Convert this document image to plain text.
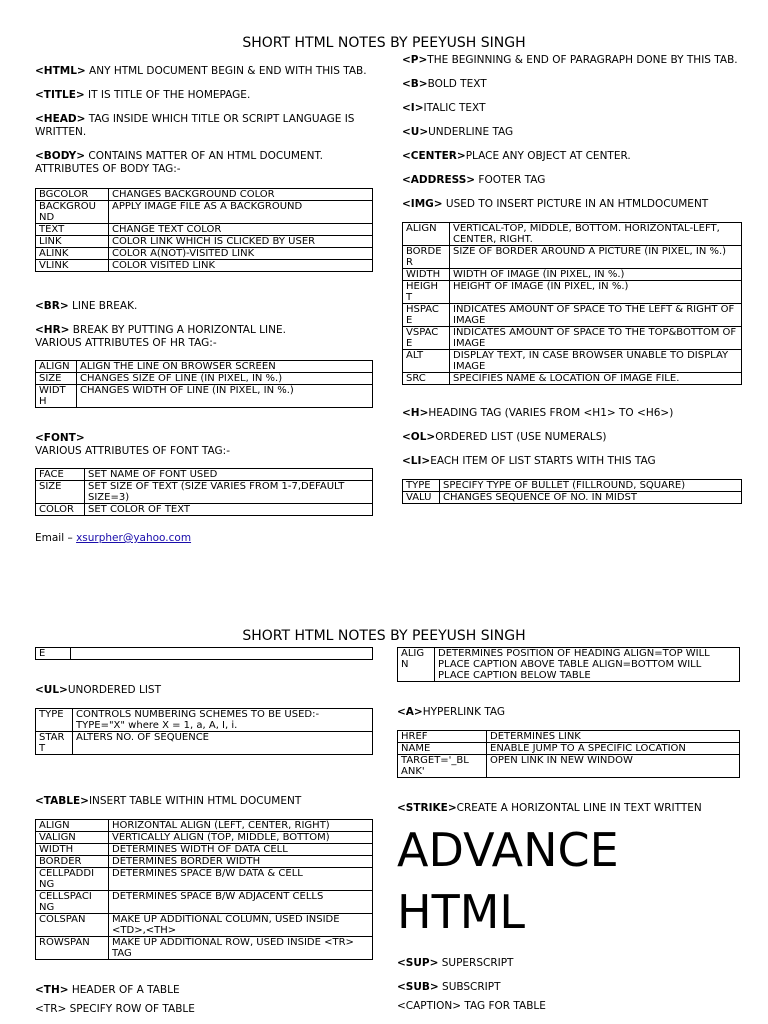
SHORT HTML NOTES BY PEEYUSH SINGH

<HTML> ANY HTML DOCUMENT BEGIN & END WITH THIS TAB.

<TITLE> IT IS TITLE OF THE HOMEPAGE.

<HEAD> TAG INSIDE WHICH TITLE OR SCRIPT LANGUAGE IS WRITTEN.

<BODY> CONTAINS MATTER OF AN HTML DOCUMENT. ATTRIBUTES OF BODY TAG:-

BGCOLOR	CHANGES BACKGROUND COLOR
BACKGROU ND	APPLY IMAGE FILE AS A BACKGROUND
TEXT	CHANGE TEXT COLOR
LINK	COLOR LINK WHICH IS CLICKED BY USER
ALINK	COLOR A(NOT)-VISITED LINK
VLINK	COLOR VISITED LINK

<BR> LINE BREAK.

<HR> BREAK BY PUTTING A HORIZONTAL LINE.

VARIOUS ATTRIBUTES OF HR TAG:-

ALIGN	ALIGN THE LINE ON BROWSER SCREEN
SIZE	CHANGES SIZE OF LINE (IN PIXEL, IN %.)
WIDT H	CHANGES WIDTH OF LINE (IN PIXEL, IN %.)

<FONT>

VARIOUS ATTRIBUTES OF FONT TAG:-

FACE	SET NAME OF FONT USED
SIZE	SET SIZE OF TEXT (SIZE VARIES FROM 1-7,DEFAULT SIZE=3)
COLOR	SET COLOR OF TEXT

Email – xsurpher@yahoo.com

<P>THE BEGINNING & END OF PARAGRAPH DONE BY THIS TAB.

<B>BOLD TEXT

<I>ITALIC TEXT

<U>UNDERLINE TAG

<CENTER>PLACE ANY OBJECT AT CENTER.

<ADDRESS> FOOTER TAG

<IMG> USED TO INSERT PICTURE IN AN HTMLDOCUMENT

ALIGN	VERTICAL-TOP, MIDDLE, BOTTOM. HORIZONTAL-LEFT, CENTER, RIGHT.
BORDE R	SIZE OF BORDER AROUND A PICTURE (IN PIXEL, IN %.)
WIDTH	WIDTH OF IMAGE (IN PIXEL, IN %.)
HEIGH T	HEIGHT OF IMAGE (IN PIXEL, IN %.)
HSPAC E	INDICATES AMOUNT OF SPACE TO THE LEFT & RIGHT OF IMAGE
VSPAC E	INDICATES AMOUNT OF SPACE TO THE TOP&BOTTOM OF IMAGE
ALT	DISPLAY TEXT, IN CASE BROWSER UNABLE TO DISPLAY IMAGE
SRC	SPECIFIES NAME & LOCATION OF IMAGE FILE.

<H>HEADING TAG (VARIES FROM <H1> TO <H6>)

<OL>ORDERED LIST (USE NUMERALS)

<LI>EACH ITEM OF LIST STARTS WITH THIS TAG

TYPE	SPECIFY TYPE OF BULLET (FILLROUND, SQUARE)
VALU	CHANGES SEQUENCE OF NO. IN MIDST
SHORT HTML NOTES BY PEEYUSH SINGH
E	

<UL>UNORDERED LIST

TYPE	CONTROLS NUMBERING SCHEMES TO BE USED:- TYPE="X" where X = 1, a, A, I, i.
STAR T	ALTERS NO. OF SEQUENCE

<TABLE>INSERT TABLE WITHIN HTML DOCUMENT

ALIGN	HORIZONTAL ALIGN (LEFT, CENTER, RIGHT)
VALIGN	VERTICALLY ALIGN (TOP, MIDDLE, BOTTOM)
WIDTH	DETERMINES WIDTH OF DATA CELL
BORDER	DETERMINES BORDER WIDTH
CELLPADDI NG	DETERMINES SPACE B/W DATA & CELL
CELLSPACI NG	DETERMINES SPACE B/W ADJACENT CELLS
COLSPAN	MAKE UP ADDITIONAL COLUMN, USED INSIDE <TD>,<TH>
ROWSPAN	MAKE UP ADDITIONAL ROW, USED INSIDE <TR> TAG

<TH> HEADER OF A TABLE

<TR> SPECIFY ROW OF TABLE

ALIG N	DETERMINES POSITION OF HEADING ALIGN=TOP WILL PLACE CAPTION ABOVE TABLE ALIGN=BOTTOM WILL PLACE CAPTION BELOW TABLE

<A>HYPERLINK TAG

HREF	DETERMINES LINK
NAME	ENABLE JUMP TO A SPECIFIC LOCATION
TARGET='_BL ANK'	OPEN LINK IN NEW WINDOW

<STRIKE>CREATE A HORIZONTAL LINE IN TEXT WRITTEN

ADVANCE
HTML

<SUP> SUPERSCRIPT

<SUB> SUBSCRIPT

<CAPTION> TAG FOR TABLE
